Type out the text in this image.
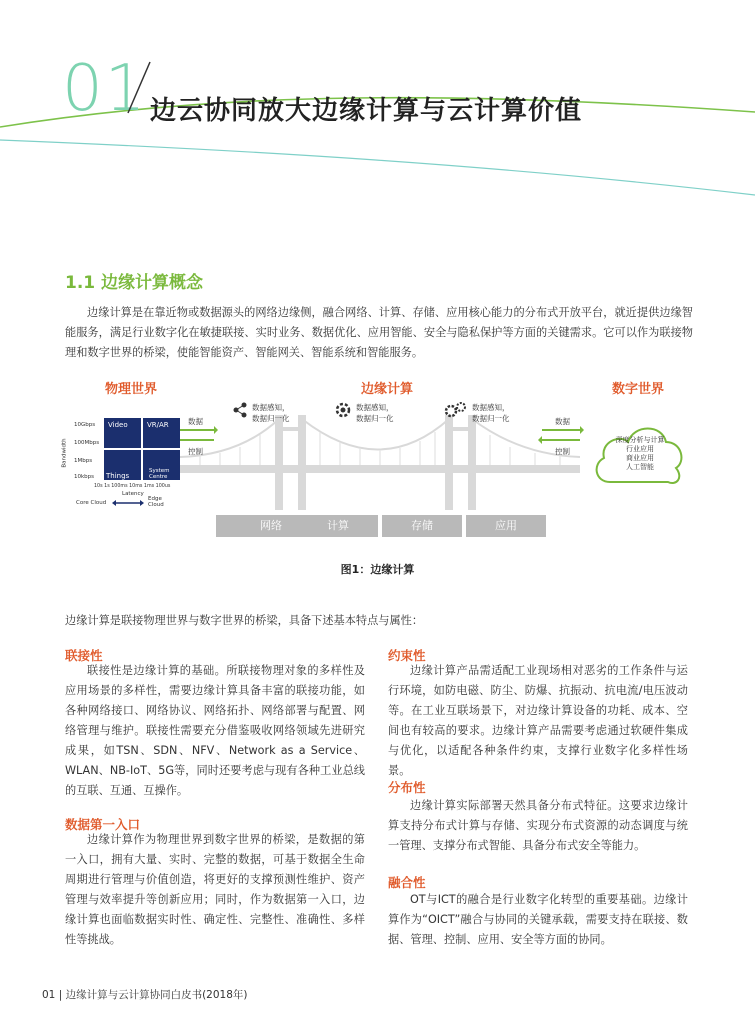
01 边云协同放大边缘计算与云计算价值
1.1 边缘计算概念
边缘计算是在靠近物或数据源头的网络边缘侧，融合网络、计算、存储、应用核心能力的分布式开放平台，就近提供边缘智能服务，满足行业数字化在敏捷联接、实时业务、数据优化、应用智能、安全与隐私保护等方面的关键需求。它可以作为联接物理和数字世界的桥梁，使能智能资产、智能网关、智能系统和智能服务。
物理世界	边缘计算	数字世界
数据感知，
数据归一化
数据感知，
数据归一化
数据感知，
数据归一化
数据
控制
数据
控制
深度分析与计算
行业应用
商业应用
人工智能
10Gbps
100Mbps
1Mbps
10kbps
Bandwidth
Video	VR/AR
Things
System Centre
10s 1s 100ms 10ms 1ms 100us
Latency
Core Cloud
Edge Cloud
网络	计算	存储	应用
图1：边缘计算
边缘计算是联接物理世界与数字世界的桥梁，具备下述基本特点与属性：
联接性
联接性是边缘计算的基础。所联接物理对象的多样性及应用场景的多样性，需要边缘计算具备丰富的联接功能，如各种网络接口、网络协议、网络拓扑、网络部署与配置、网络管理与维护。联接性需要充分借鉴吸收网络领域先进研究成果，如TSN、SDN、NFV、Network as a Service、WLAN、NB-IoT、5G等，同时还要考虑与现有各种工业总线的互联、互通、互操作。
数据第一入口
边缘计算作为物理世界到数字世界的桥梁，是数据的第一入口，拥有大量、实时、完整的数据，可基于数据全生命周期进行管理与价值创造，将更好的支撑预测性维护、资产管理与效率提升等创新应用；同时，作为数据第一入口，边缘计算也面临数据实时性、确定性、完整性、准确性、多样性等挑战。
约束性
边缘计算产品需适配工业现场相对恶劣的工作条件与运行环境，如防电磁、防尘、防爆、抗振动、抗电流/电压波动等。在工业互联场景下，对边缘计算设备的功耗、成本、空间也有较高的要求。边缘计算产品需要考虑通过软硬件集成与优化，以适配各种条件约束，支撑行业数字化多样性场景。
分布性
边缘计算实际部署天然具备分布式特征。这要求边缘计算支持分布式计算与存储、实现分布式资源的动态调度与统一管理、支撑分布式智能、具备分布式安全等能力。
融合性
OT与ICT的融合是行业数字化转型的重要基础。边缘计算作为“OICT”融合与协同的关键承载，需要支持在联接、数据、管理、控制、应用、安全等方面的协同。
01 | 边缘计算与云计算协同白皮书(2018年)
